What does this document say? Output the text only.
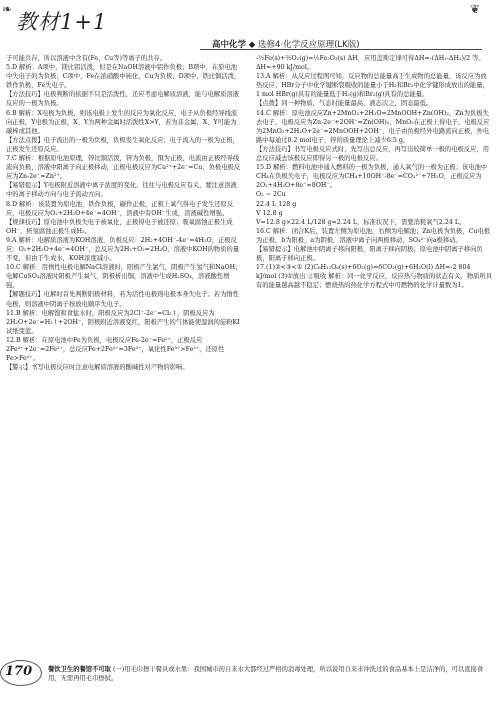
❧
教材1+1
❦
高中化学 ◆ 选修4·化学反应原理(LK版)

子可能共存，所以溶液中含有(Fe、Cu等)等离子的共存。

5.D 解析：A项中，镁比铝活泼，但是在NaOH溶液中铝作负极；B项中，在原电池中失电子的为负极；C项中，Fe在浓硝酸中钝化，Cu为负极；D项中，铁比铜活泼，铁作负极，Fe失电子。

【方法技巧】电极判断的依据不只是活泼性，还应考虑电解质溶液，能与电解质溶液反应的一极为负极。

6.B 解析：X电极为负极，则该电极上发生的反应为氧化反应，电子从负极经导线流向正极，Y电极为正极，X、Y为两种金属时活泼性X>Y，若为非金属，X、Y可能为碳棒或其他。

【方法点拨】电子流出的一极为负极，负极发生氧化反应；电子流入的一极为正极，正极发生还原反应。

7.C 解析：根据原电池原理，锌比铜活泼，锌为负极，铜为正极，电流由正极经导线流向负极，溶液中阳离子向正极移动，正极电极反应为Cu²⁺+2e⁻=Cu，负极电极反应为Zn-2e⁻=Zn²⁺。

【易错提示】Y电极附近溶液中离子浓度的变化，往往与电极反应有关，要注意溶液中的离子移动方向与电子流动方向。

8.D 解析：该装置为原电池，铁作负极，碳作正极，正极上氧气得电子发生还原反应，电极反应为O₂+2H₂O+4e⁻=4OH⁻，溶液中有OH⁻生成，溶液碱性增强。

【规律技巧】原电池中负极失电子被氧化，正极得电子被还原；吸氧腐蚀正极生成OH⁻，析氢腐蚀正极生成H₂。

9.A 解析：电解质溶液为KOH溶液，负极反应：2H₂+4OH⁻-4e⁻=4H₂O，正极反应：O₂+2H₂O+4e⁻=4OH⁻，总反应为2H₂+O₂=2H₂O，溶液中KOH的物质的量不变，但由于生成水，KOH浓度减小。

10.C 解析：用惰性电极电解NaCl溶液时，阳极产生氯气，阴极产生氢气和NaOH；电解CuSO₄溶液时阳极产生氧气，阴极析出铜，溶液中生成H₂SO₄，溶液酸性增强。

【解题技巧】电解时首先判断阳极材料，若为活性电极则电极本身失电子；若为惰性电极，则溶液中阴离子按放电顺序失电子。

11.B 解析：电解饱和食盐水时，阳极反应为2Cl⁻-2e⁻=Cl₂↑，阴极反应为2H₂O+2e⁻=H₂↑+2OH⁻，阴极附近溶液变红，阳极产生的气体能使湿润的淀粉KI试纸变蓝。

12.B 解析：在原电池中Fe为负极，电极反应Fe-2e⁻=Fe²⁺，正极反应2Fe³⁺+2e⁻=2Fe²⁺，总反应Fe+2Fe³⁺=3Fe²⁺，氧化性Fe³⁺>Fe²⁺，还原性Fe>Fe²⁺。

【警示】书写电极反应时注意电解质溶液的酸碱性对产物的影响。

-½Fe(s)+⅔O₂(g)=½Fe₂O₃(s) ΔH，应用盖斯定律可得ΔH=-(ΔH₁-ΔH₂)/2 等。

ΔH=+90 kJ/mol。

13.A 解析：从反应过程图可知，反应物的总能量高于生成物的总能量，该反应为放热反应；HBr分子中化学键断裂吸收的能量小于H₂和Br₂中化学键形成放出的能量，1 mol HBr(g)具有的能量低于H₂(g)和Br₂(g)具有的总能量。

【点拨】同一种物质，气态时能量最高，液态次之，固态最低。

14.C 解析：原电池反应Zn+2MnO₂+2H₂O=2MnOOH+Zn(OH)₂，Zn为负极失去电子，电极反应为Zn-2e⁻+2OH⁻=Zn(OH)₂，MnO₂在正极上得电子，电极反应为2MnO₂+2H₂O+2e⁻=2MnOOH+2OH⁻，电子由负极经外电路流向正极，外电路中每通过0.2 mol电子，锌的质量理论上减少6.5 g。

【方法技巧】书写电极反应式时，先写出总反应，再写出较简单一极的电极反应，用总反应减去该极反应即得另一极的电极反应。

15.D 解析：燃料电池中通入燃料的一极为负极，通入氧气的一极为正极；该电池中CH₄在负极失电子，电极反应为CH₄+10OH⁻-8e⁻=CO₃²⁻+7H₂O，正极反应为2O₂+4H₂O+8e⁻=8OH⁻。

O₂ ~ 2Cu

22.4 L 128 g

V 12.8 g

V=12.8 g×22.4 L/128 g=2.24 L，标准状况下，需要消耗氧气2.24 L。

16.C 解析：闭合K后，装置左侧为原电池，右侧为电解池；Zn电极为负极，Cu电极为正极，b为阳极，a为阴极，溶液中离子向两极移动，SO₄²⁻向a极移动。

【易错提示】电解池中阴离子移向阳极，阳离子移向阴极；原电池中阴离子移向负极，阳离子移向正极。

17.(1)②<③<① (2)C₆H₁₂O₆(s)+6O₂(g)=6CO₂(g)+6H₂O(l) ΔH=-2 804 kJ/mol (3)①放出 ②吸收 解析：同一化学反应，反应热与物质的状态有关，物质所具有的能量越高越不稳定；燃烧热的热化学方程式中可燃物的化学计量数为1。

170	餐饮卫生的餐馆不可取 (一)用毛巾擦干餐具或水果：我国城市的自来水大都经过严格的消毒处理，所以说用自来水冲洗过的食品基本上是洁净的，可以直接食用，无需再用毛巾擦拭。
